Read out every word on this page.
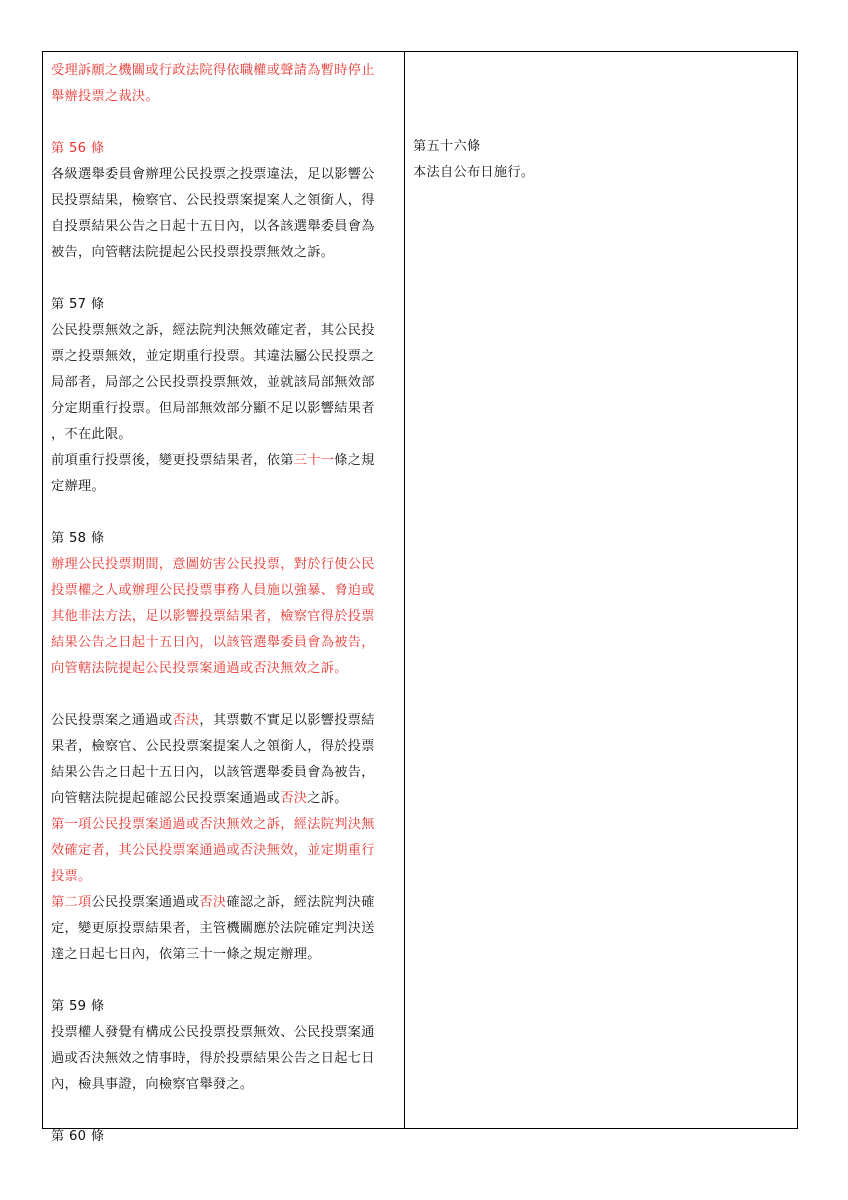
受理訴願之機關或行政法院得依職權或聲請為暫時停止
舉辦投票之裁決。
第 56 條
各級選舉委員會辦理公民投票之投票違法，足以影響公
民投票結果，檢察官、公民投票案提案人之領銜人，得
自投票結果公告之日起十五日內，以各該選舉委員會為
被告，向管轄法院提起公民投票投票無效之訴。
第 57 條
公民投票無效之訴，經法院判決無效確定者，其公民投
票之投票無效，並定期重行投票。其違法屬公民投票之
局部者，局部之公民投票投票無效，並就該局部無效部
分定期重行投票。但局部無效部分顯不足以影響結果者
，不在此限。
前項重行投票後，變更投票結果者，依第三十一條之規
定辦理。
第 58 條
辦理公民投票期間，意圖妨害公民投票，對於行使公民
投票權之人或辦理公民投票事務人員施以強暴、脅迫或
其他非法方法，足以影響投票結果者，檢察官得於投票
結果公告之日起十五日內，以該管選舉委員會為被告，
向管轄法院提起公民投票案通過或否決無效之訴。
公民投票案之通過或否決，其票數不實足以影響投票結
果者，檢察官、公民投票案提案人之領銜人，得於投票
結果公告之日起十五日內，以該管選舉委員會為被告，
向管轄法院提起確認公民投票案通過或否決之訴。
第一項公民投票案通過或否決無效之訴，經法院判決無
效確定者，其公民投票案通過或否決無效，並定期重行
投票。
第二項公民投票案通過或否決確認之訴，經法院判決確
定，變更原投票結果者，主管機關應於法院確定判決送
達之日起七日內，依第三十一條之規定辦理。
第 59 條
投票權人發覺有構成公民投票投票無效、公民投票案通
過或否決無效之情事時，得於投票結果公告之日起七日
內，檢具事證，向檢察官舉發之。
第 60 條
第五十六條
本法自公布日施行。
